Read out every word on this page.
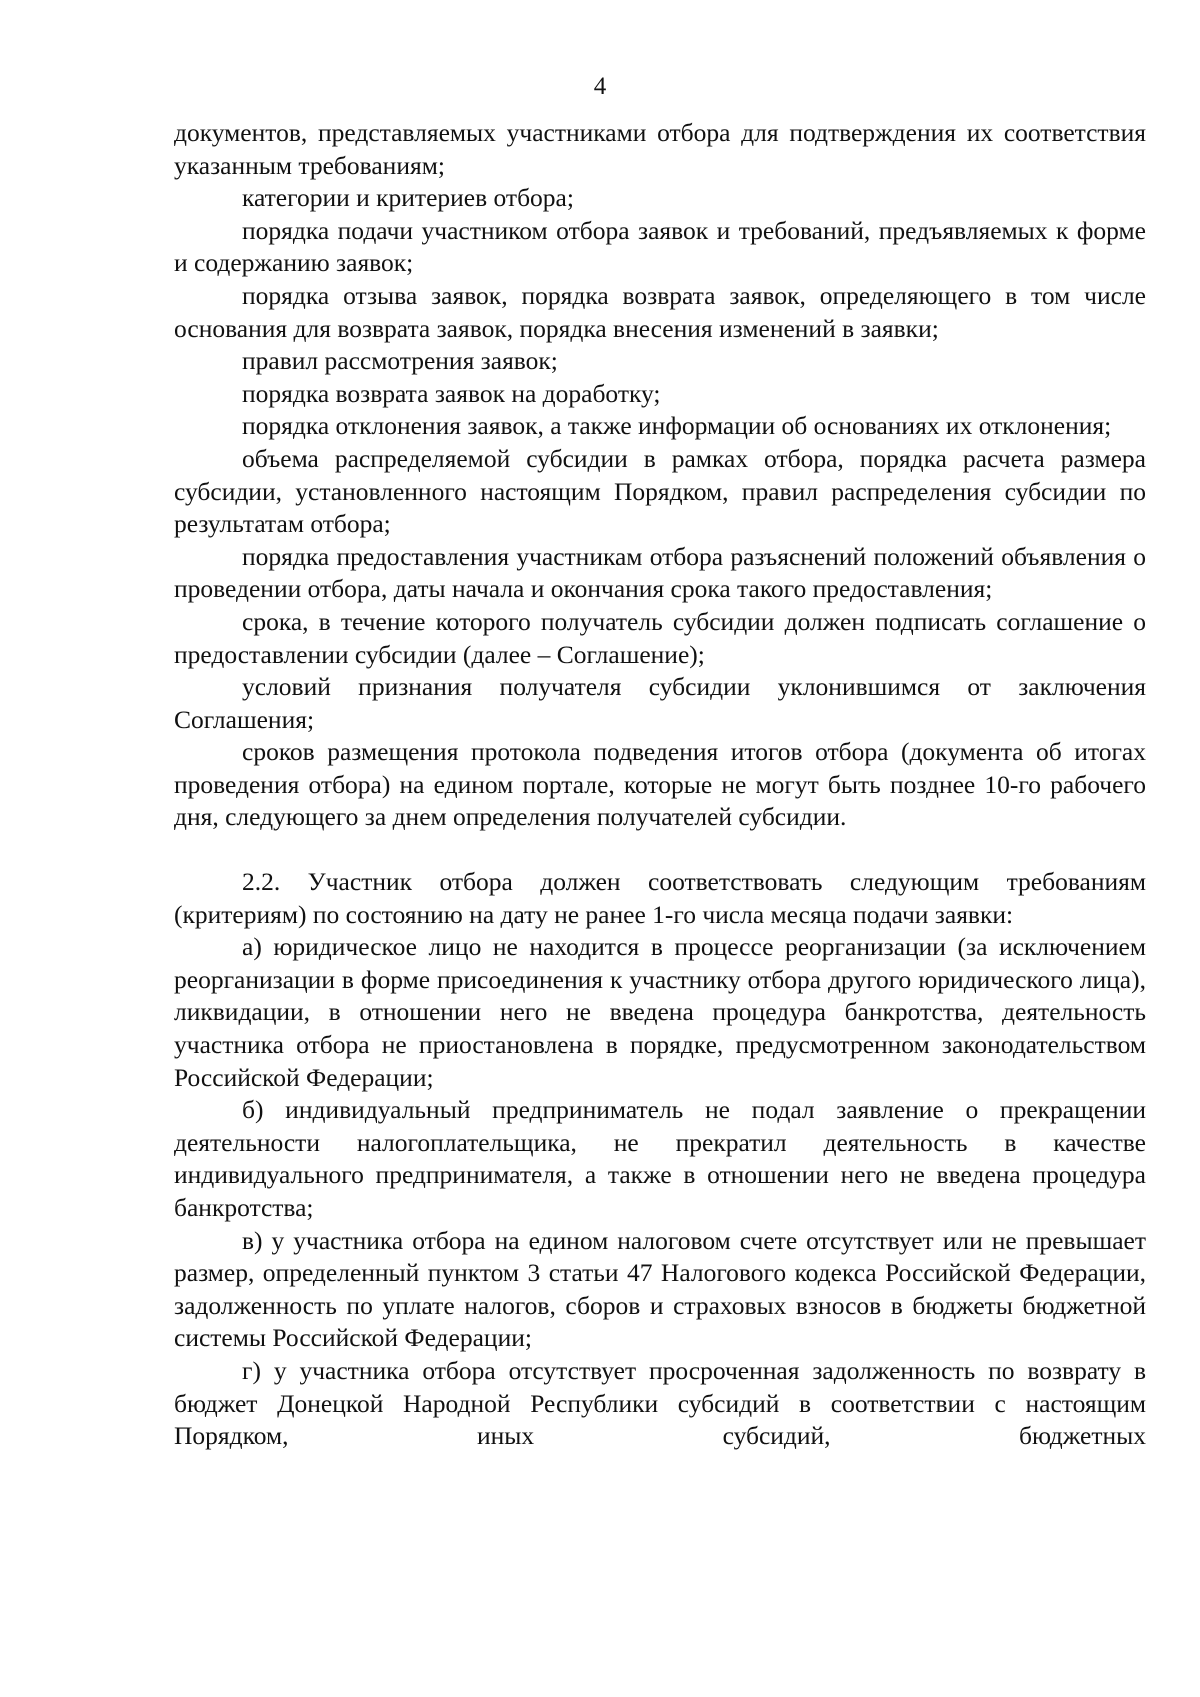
4

документов, представляемых участниками отбора для подтверждения их соответствия указанным требованиям;

категории и критериев отбора;

порядка подачи участником отбора заявок и требований, предъявляемых к форме и содержанию заявок;

порядка отзыва заявок, порядка возврата заявок, определяющего в том числе основания для возврата заявок, порядка внесения изменений в заявки;

правил рассмотрения заявок;

порядка возврата заявок на доработку;

порядка отклонения заявок, а также информации об основаниях их отклонения;

объема распределяемой субсидии в рамках отбора, порядка расчета размера субсидии, установленного настоящим Порядком, правил распределения субсидии по результатам отбора;

порядка предоставления участникам отбора разъяснений положений объявления о проведении отбора, даты начала и окончания срока такого предоставления;

срока, в течение которого получатель субсидии должен подписать соглашение о предоставлении субсидии (далее – Соглашение);

условий признания получателя субсидии уклонившимся от заключения Соглашения;

сроков размещения протокола подведения итогов отбора (документа об итогах проведения отбора) на едином портале, которые не могут быть позднее 10-го рабочего дня, следующего за днем определения получателей субсидии.

2.2. Участник отбора должен соответствовать следующим требованиям (критериям) по состоянию на дату не ранее 1-го числа месяца подачи заявки:

а) юридическое лицо не находится в процессе реорганизации (за исключением реорганизации в форме присоединения к участнику отбора другого юридического лица), ликвидации, в отношении него не введена процедура банкротства, деятельность участника отбора не приостановлена в порядке, предусмотренном законодательством Российской Федерации;

б) индивидуальный предприниматель не подал заявление о прекращении деятельности налогоплательщика, не прекратил деятельность в качестве индивидуального предпринимателя, а также в отношении него не введена процедура банкротства;

в) у участника отбора на едином налоговом счете отсутствует или не превышает размер, определенный пунктом 3 статьи 47 Налогового кодекса Российской Федерации, задолженность по уплате налогов, сборов и страховых взносов в бюджеты бюджетной системы Российской Федерации;

г) у участника отбора отсутствует просроченная задолженность по возврату в бюджет Донецкой Народной Республики субсидий в соответствии с настоящим Порядком, иных субсидий, бюджетных
